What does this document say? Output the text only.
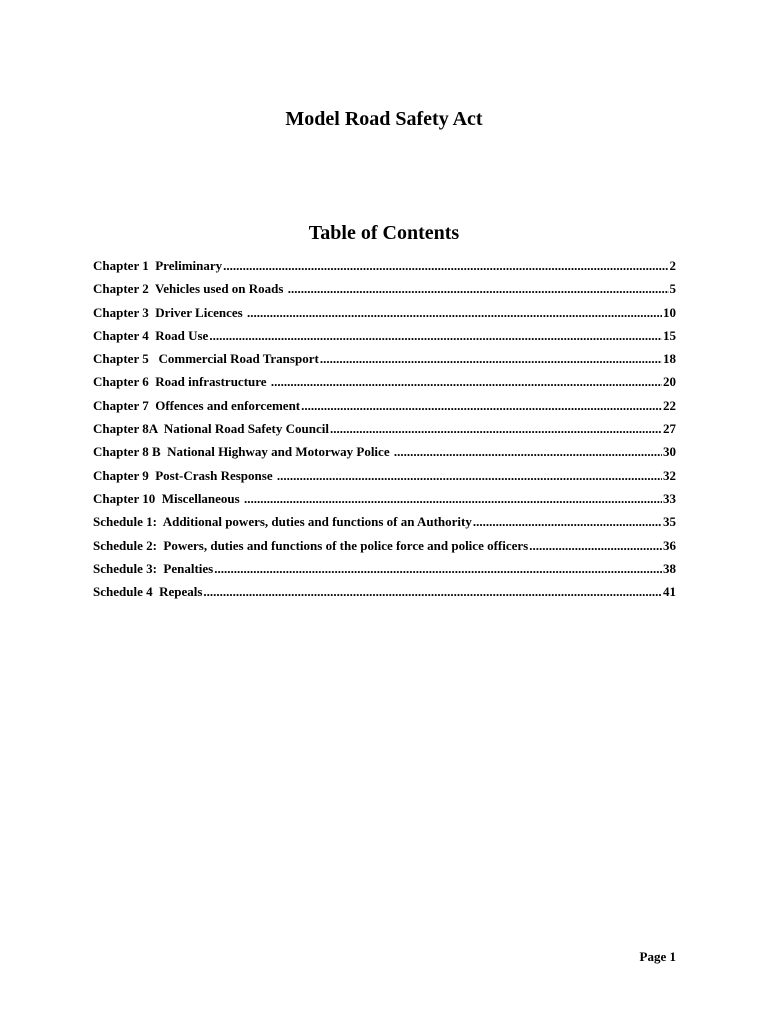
Model Road Safety Act
Table of Contents
Chapter 1  Preliminary .....	2
Chapter 2  Vehicles used on Roads .....	5
Chapter 3  Driver Licences .....	10
Chapter 4  Road Use .....	15
Chapter 5   Commercial Road Transport .....	18
Chapter 6  Road infrastructure .....	20
Chapter 7  Offences and enforcement .....	22
Chapter 8A  National Road Safety Council .....	27
Chapter 8 B  National Highway and Motorway Police .....	30
Chapter 9  Post-Crash Response .....	32
Chapter 10  Miscellaneous .....	33
Schedule 1:  Additional powers, duties and functions of an Authority .....	35
Schedule 2:  Powers, duties and functions of the police force and police officers .....	36
Schedule 3:  Penalties .....	38
Schedule 4  Repeals .....	41
Page 1
